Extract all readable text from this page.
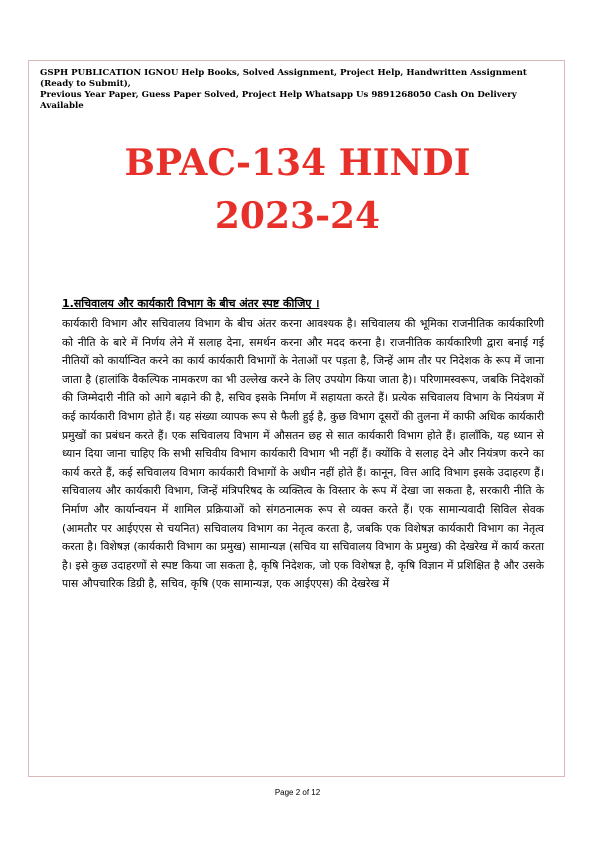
GSPH PUBLICATION IGNOU Help Books, Solved Assignment, Project Help, Handwritten Assignment (Ready to Submit),
Previous Year Paper, Guess Paper Solved, Project Help Whatsapp Us 9891268050 Cash On Delivery Available
BPAC-134 HINDI
2023-24
1.सचिवालय और कार्यकारी विभाग के बीच अंतर स्पष्ट कीजिए ।
कार्यकारी विभाग और सचिवालय विभाग के बीच अंतर करना आवश्यक है। सचिवालय की भूमिका राजनीतिक कार्यकारिणी को नीति के बारे में निर्णय लेने में सलाह देना, समर्थन करना और मदद करना है। राजनीतिक कार्यकारिणी द्वारा बनाई गई नीतियों को कार्यान्वित करने का कार्य कार्यकारी विभागों के नेताओं पर पड़ता है, जिन्हें आम तौर पर निदेशक के रूप में जाना जाता है (हालांकि वैकल्पिक नामकरण का भी उल्लेख करने के लिए उपयोग किया जाता है)। परिणामस्वरूप, जबकि निदेशकों की जिम्मेदारी नीति को आगे बढ़ाने की है, सचिव इसके निर्माण में सहायता करते हैं। प्रत्येक सचिवालय विभाग के नियंत्रण में कई कार्यकारी विभाग होते हैं। यह संख्या व्यापक रूप से फैली हुई है, कुछ विभाग दूसरों की तुलना में काफी अधिक कार्यकारी प्रमुखों का प्रबंधन करते हैं। एक सचिवालय विभाग में औसतन छह से सात कार्यकारी विभाग होते हैं। हालाँकि, यह ध्यान से ध्यान दिया जाना चाहिए कि सभी सचिवीय विभाग कार्यकारी विभाग भी नहीं हैं। क्योंकि वे सलाह देने और नियंत्रण करने का कार्य करते हैं, कई सचिवालय विभाग कार्यकारी विभागों के अधीन नहीं होते हैं। कानून, वित्त आदि विभाग इसके उदाहरण हैं। सचिवालय और कार्यकारी विभाग, जिन्हें मंत्रिपरिषद के व्यक्तित्व के विस्तार के रूप में देखा जा सकता है, सरकारी नीति के निर्माण और कार्यान्वयन में शामिल प्रक्रियाओं को संगठनात्मक रूप से व्यक्त करते हैं। एक सामान्यवादी सिविल सेवक (आमतौर पर आईएएस से चयनित) सचिवालय विभाग का नेतृत्व करता है, जबकि एक विशेषज्ञ कार्यकारी विभाग का नेतृत्व करता है। विशेषज्ञ (कार्यकारी विभाग का प्रमुख) सामान्यज्ञ (सचिव या सचिवालय विभाग के प्रमुख) की देखरेख में कार्य करता है। इसे कुछ उदाहरणों से स्पष्ट किया जा सकता है, कृषि निदेशक, जो एक विशेषज्ञ है, कृषि विज्ञान में प्रशिक्षित है और उसके पास औपचारिक डिग्री है, सचिव, कृषि (एक सामान्यज्ञ, एक आईएएस) की देखरेख में
Page 2 of 12
